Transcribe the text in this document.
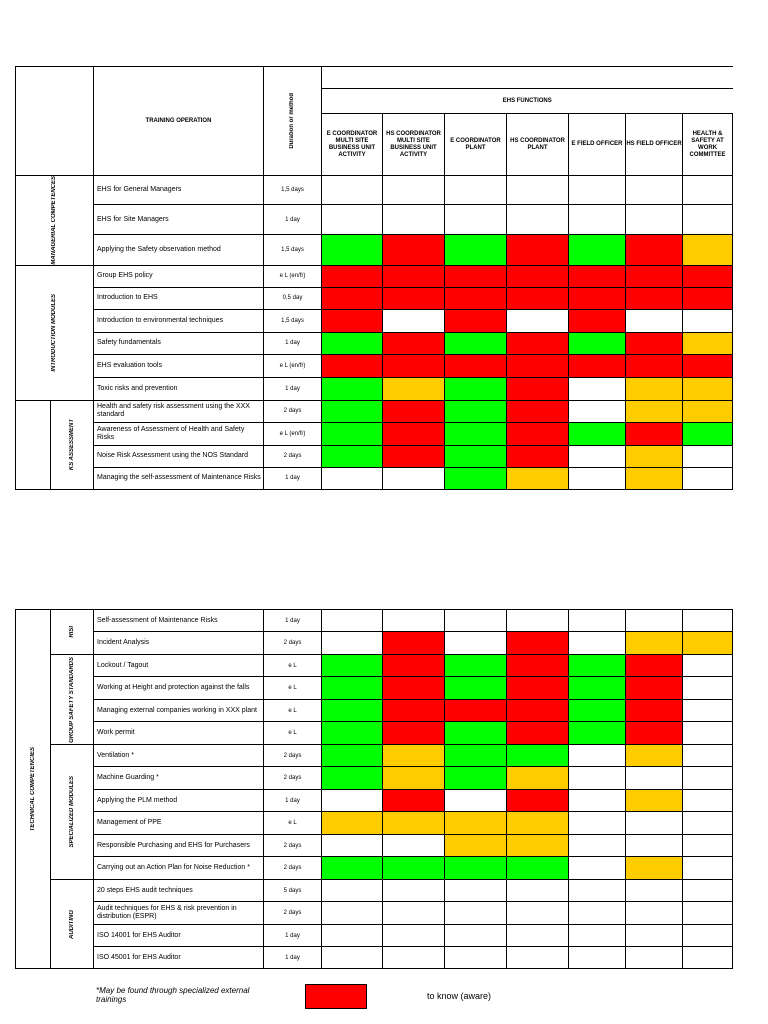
		TRAINING OPERATION	Duration or method							

				EHS FUNCTIONS						
				E COORDINATOR MULTI SITE BUSINESS UNIT ACTIVITY	HS COORDINATOR MULTI SITE BUSINESS UNIT ACTIVITY	E COORDINATOR PLANT	HS COORDINATOR PLANT	E FIELD OFFICER	HS FIELD OFFICER	HEALTH & SAFETY AT WORK COMMITTEE

MANAGERIAL COMPETENCES		EHS for General Managers	1,5 days							
		EHS for Site Managers	1 day							
		Applying the Safety observation method	1,5 days							

INTRODUCTION MODULES		Group EHS policy	e L (en/fr)							
		Introduction to EHS	0,5 day							
		Introduction to environmental techniques	1,5 days							
		Safety fundamentals	1 day							
		EHS evaluation tools	e L (en/fr)							
		Toxic risks and prevention	1 day							

	KS ASSESSMENT	Health and safety risk assessment using the XXX standard	2 days							
		Awareness of Assessment of Health and Safety Risks	e L (en/fr)							
		Noise Risk Assessment using the NOS Standard	2 days							
		Managing the self-assessment of Maintenance Risks	1 day							
TECHNICAL COMPETENCIES	RISI	Self-assessment of Maintenance Risks	1 day							
		Incident Analysis	2 days							

	GROUP SAFETY STANDARDS	Lockout / Tagout	e L							
		Working at Height and protection against the falls	e L							
		Managing external companies working in XXX plant	e L							
		Work permit	e L							

	SPECIALIZED MODULES	Ventilation *	2 days							
		Machine Guarding *	2 days							
		Applying the PLM method	1 day							
		Management of PPE	e L							
		Responsible Purchasing and EHS for Purchasers	2 days							
		Carrying out an Action Plan for Noise Reduction *	2 days							

	AUDITING	20 steps EHS audit techniques	5 days							
		Audit techniques for EHS & risk prevention in distribution (ESPR)	2 days							
		ISO 14001 for EHS Auditor	1 day							
		ISO 45001 for EHS Auditor	1 day							
*May be found through specialized external trainings	to know (aware)
